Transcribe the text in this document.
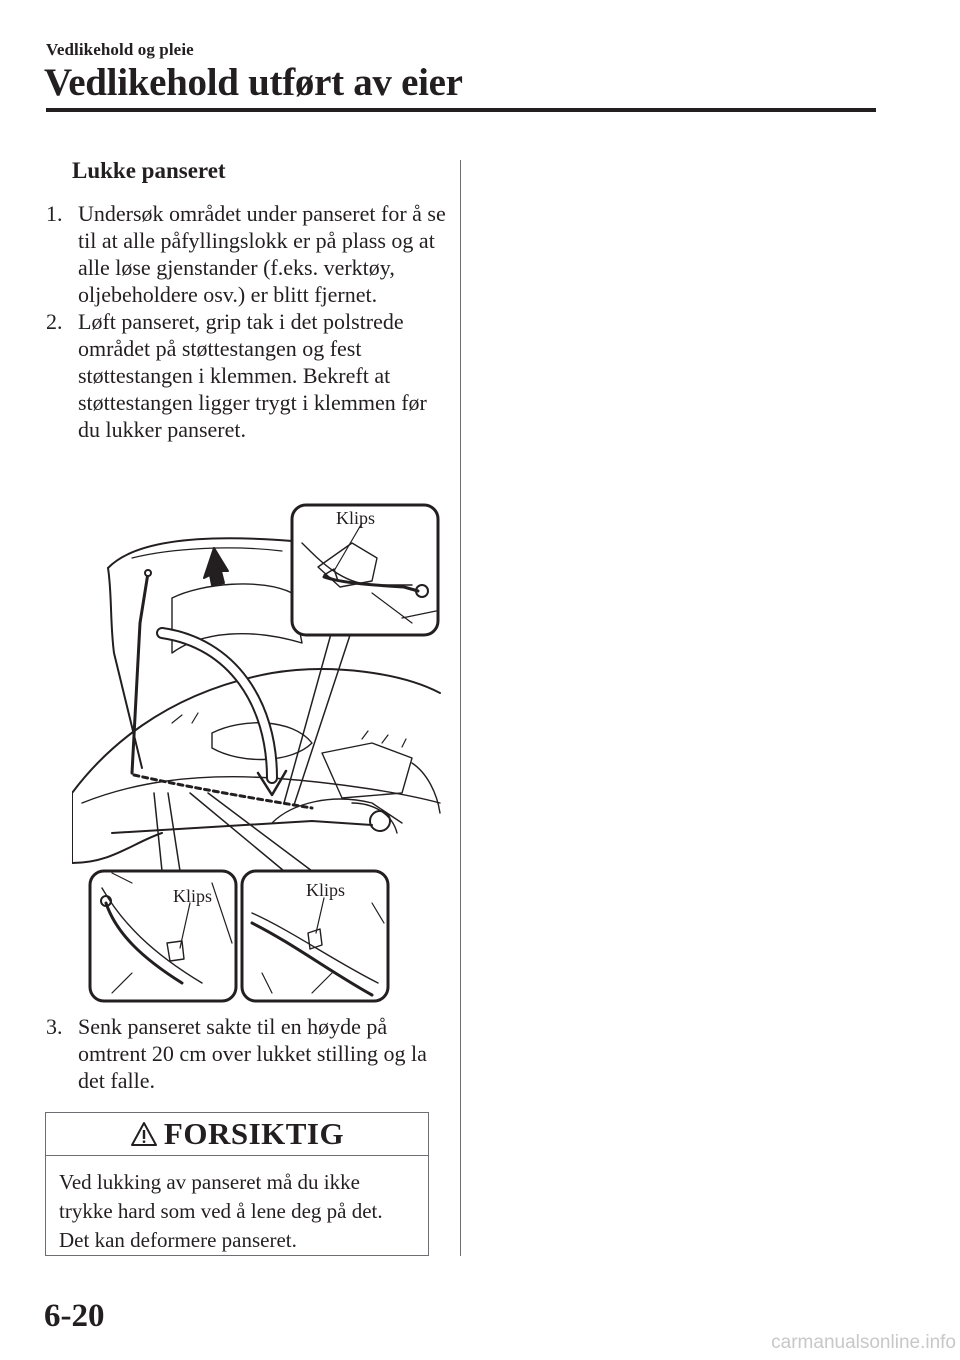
Vedlikehold og pleie
Vedlikehold utført av eier
Lukke panseret
1. Undersøk området under panseret for å se til at alle påfyllingslokk er på plass og at alle løse gjenstander (f.eks. verktøy, oljebeholdere osv.) er blitt fjernet.
2. Løft panseret, grip tak i det polstrede området på støttestangen og fest støttestangen i klemmen. Bekreft at støttestangen ligger trygt i klemmen før du lukker panseret.
Klips
Klips	Klips
3. Senk panseret sakte til en høyde på omtrent 20 cm over lukket stilling og la det falle.
FORSIKTIG
Ved lukking av panseret må du ikke trykke hard som ved å lene deg på det. Det kan deformere panseret.
6-20
carmanualsonline.info
